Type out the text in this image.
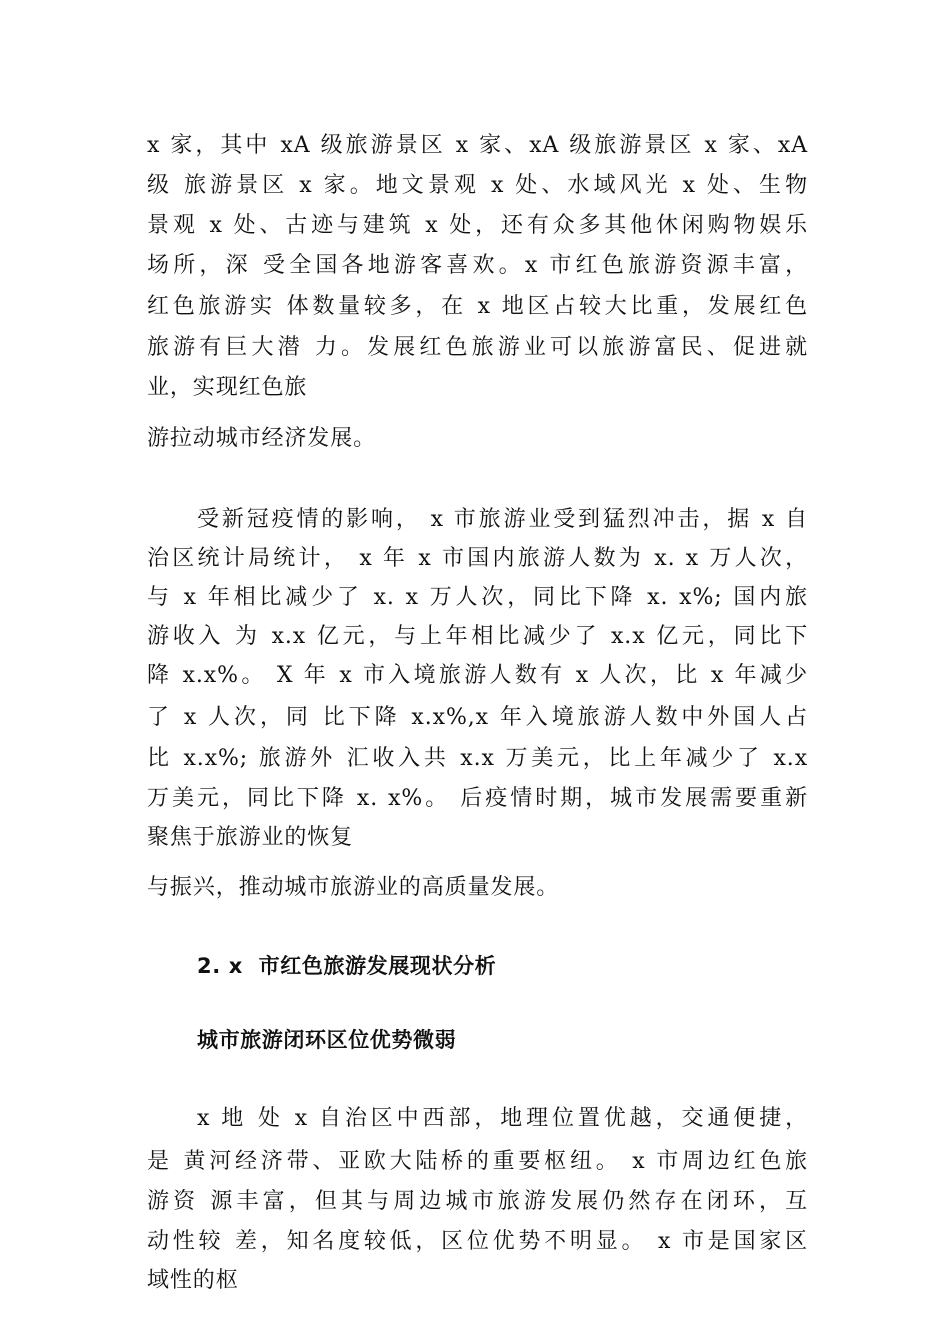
x 家，其中 xA 级旅游景区 x 家、xA 级旅游景区 x 家、xA
级 旅游景区 x 家。地文景观 x 处、水域风光 x 处、生物
景观 x 处、古迹与建筑 x 处，还有众多其他休闲购物娱乐
场所，深 受全国各地游客喜欢。x 市红色旅游资源丰富，
红色旅游实 体数量较多，在 x 地区占较大比重，发展红色
旅游有巨大潜 力。发展红色旅游业可以旅游富民、促进就
业，实现红色旅
游拉动城市经济发展。
受新冠疫情的影响， x 市旅游业受到猛烈冲击，据 x 自
治区统计局统计， x 年 x 市国内旅游人数为 x. x 万人次，
与 x 年相比减少了 x. x 万人次，同比下降 x. x%; 国内旅
游收入 为 x.x 亿元，与上年相比减少了 x.x 亿元，同比下
降 x.x%。 X 年 x 市入境旅游人数有 x 人次，比 x 年减少
了 x 人次，同 比下降 x.x%,x 年入境旅游人数中外国人占
比 x.x%; 旅游外 汇收入共 x.x 万美元，比上年减少了 x.x
万美元，同比下降 x. x%。 后疫情时期，城市发展需要重新
聚焦于旅游业的恢复
与振兴，推动城市旅游业的高质量发展。
2. x  市红色旅游发展现状分析
城市旅游闭环区位优势微弱
x 地 处 x 自治区中西部，地理位置优越，交通便捷，
是 黄河经济带、亚欧大陆桥的重要枢纽。 x 市周边红色旅
游资 源丰富，但其与周边城市旅游发展仍然存在闭环，互
动性较 差，知名度较低，区位优势不明显。 x 市是国家区
域性的枢
